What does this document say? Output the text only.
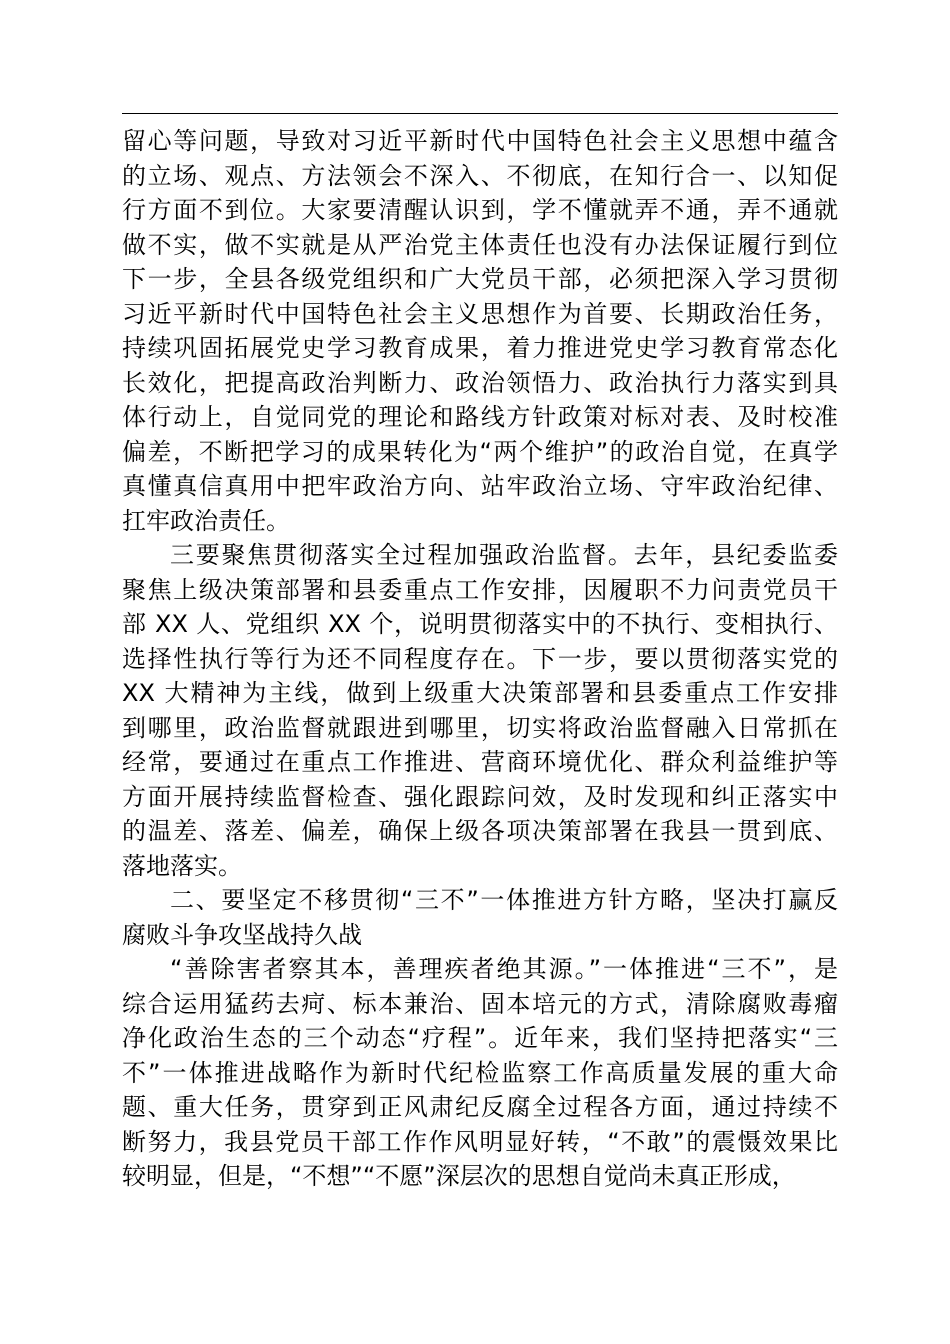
留心等问题，导致对习近平新时代中国特色社会主义思想中蕴含
的立场、观点、方法领会不深入、不彻底，在知行合一、以知促
行方面不到位。大家要清醒认识到，学不懂就弄不通，弄不通就
做不实，做不实就是从严治党主体责任也没有办法保证履行到位
下一步，全县各级党组织和广大党员干部，必须把深入学习贯彻
习近平新时代中国特色社会主义思想作为首要、长期政治任务，
持续巩固拓展党史学习教育成果，着力推进党史学习教育常态化
长效化，把提高政治判断力、政治领悟力、政治执行力落实到具
体行动上，自觉同党的理论和路线方针政策对标对表、及时校准
偏差，不断把学习的成果转化为“两个维护”的政治自觉，在真学
真懂真信真用中把牢政治方向、站牢政治立场、守牢政治纪律、
扛牢政治责任。
三要聚焦贯彻落实全过程加强政治监督。去年，县纪委监委
聚焦上级决策部署和县委重点工作安排，因履职不力问责党员干
部 XX 人、党组织 XX 个，说明贯彻落实中的不执行、变相执行、
选择性执行等行为还不同程度存在。下一步，要以贯彻落实党的
XX 大精神为主线，做到上级重大决策部署和县委重点工作安排
到哪里，政治监督就跟进到哪里，切实将政治监督融入日常抓在
经常，要通过在重点工作推进、营商环境优化、群众利益维护等
方面开展持续监督检查、强化跟踪问效，及时发现和纠正落实中
的温差、落差、偏差，确保上级各项决策部署在我县一贯到底、
落地落实。
二、要坚定不移贯彻“三不”一体推进方针方略，坚决打赢反
腐败斗争攻坚战持久战
“善除害者察其本，善理疾者绝其源。”一体推进“三不”，是
综合运用猛药去疴、标本兼治、固本培元的方式，清除腐败毒瘤
净化政治生态的三个动态“疗程”。近年来，我们坚持把落实“三
不”一体推进战略作为新时代纪检监察工作高质量发展的重大命
题、重大任务，贯穿到正风肃纪反腐全过程各方面，通过持续不
断努力，我县党员干部工作作风明显好转，“不敢”的震慑效果比
较明显，但是，“不想”“不愿”深层次的思想自觉尚未真正形成，
